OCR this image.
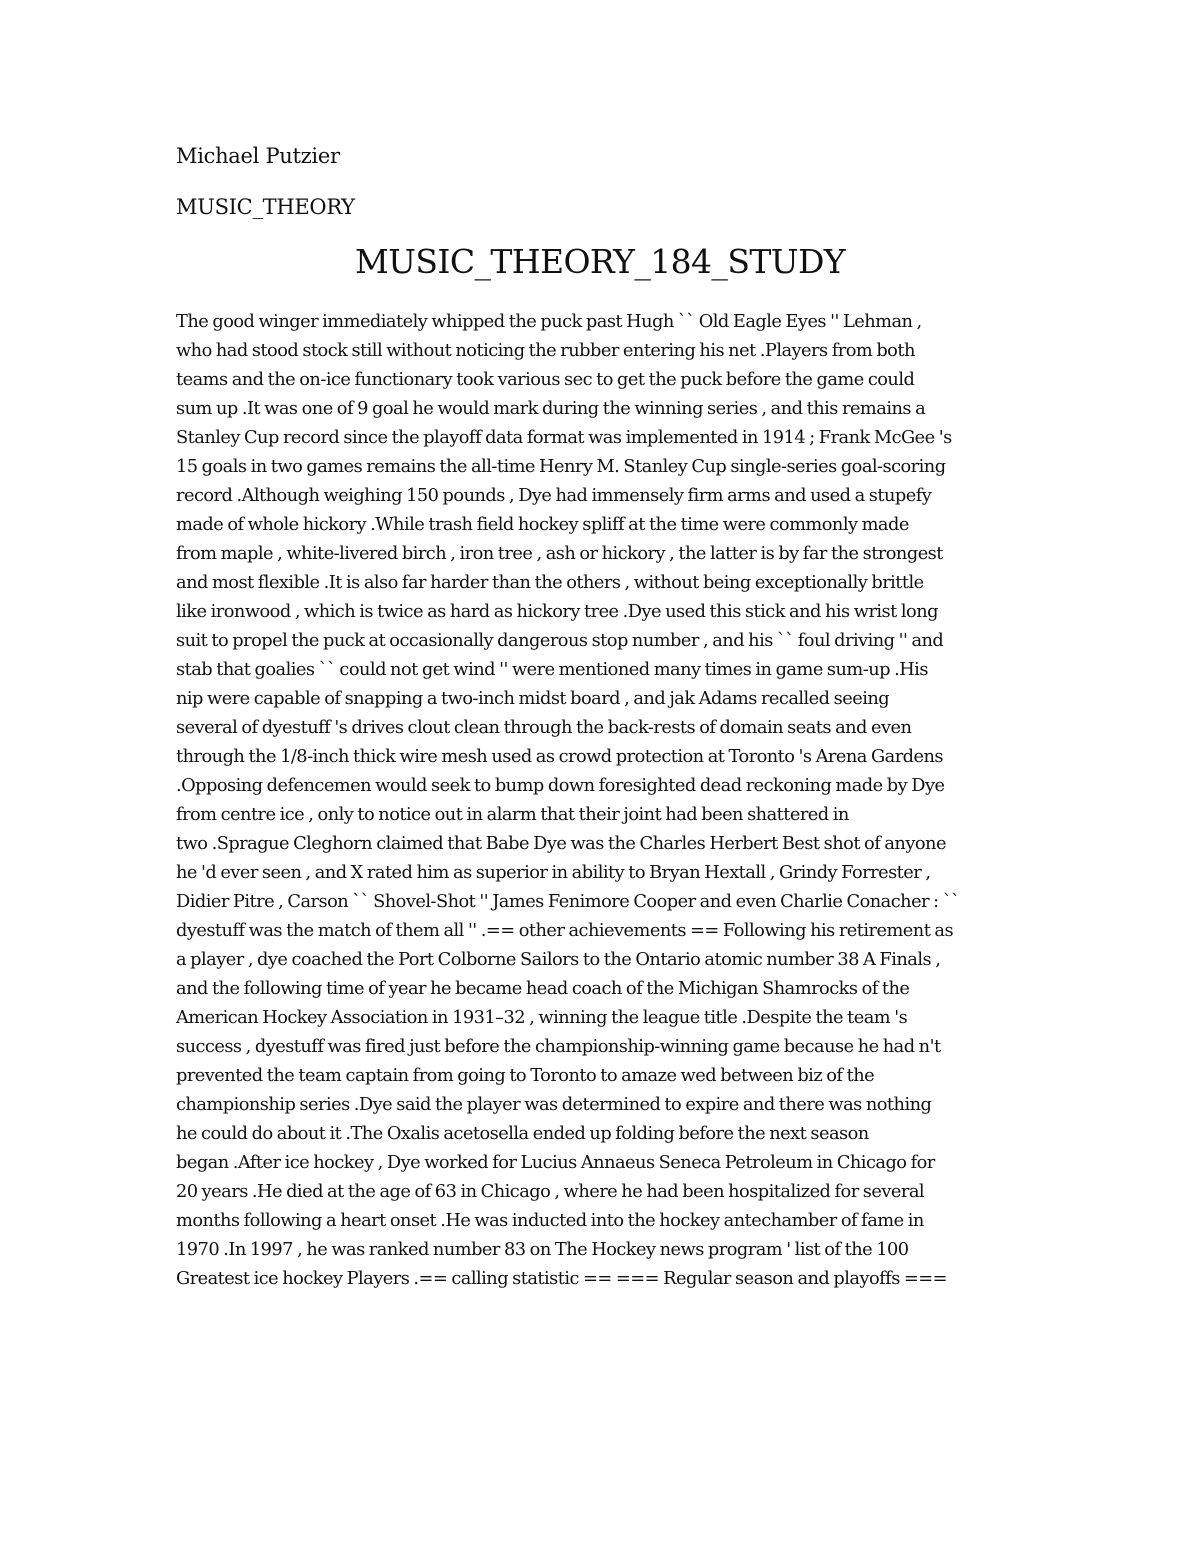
Michael Putzier
MUSIC_THEORY
MUSIC_THEORY_184_STUDY
The good winger immediately whipped the puck past Hugh `` Old Eagle Eyes '' Lehman ,
who had stood stock still without noticing the rubber entering his net .Players from both
teams and the on-ice functionary took various sec to get the puck before the game could
sum up .It was one of 9 goal he would mark during the winning series , and this remains a
Stanley Cup record since the playoff data format was implemented in 1914 ; Frank McGee 's
15 goals in two games remains the all-time Henry M. Stanley Cup single-series goal-scoring
record .Although weighing 150 pounds , Dye had immensely firm arms and used a stupefy
made of whole hickory .While trash field hockey spliff at the time were commonly made
from maple , white-livered birch , iron tree , ash or hickory , the latter is by far the strongest
and most flexible .It is also far harder than the others , without being exceptionally brittle
like ironwood , which is twice as hard as hickory tree .Dye used this stick and his wrist long
suit to propel the puck at occasionally dangerous stop number , and his `` foul driving '' and
stab that goalies `` could not get wind '' were mentioned many times in game sum-up .His
nip were capable of snapping a two-inch midst board , and jak Adams recalled seeing
several of dyestuff 's drives clout clean through the back-rests of domain seats and even
through the 1/8-inch thick wire mesh used as crowd protection at Toronto 's Arena Gardens
.Opposing defencemen would seek to bump down foresighted dead reckoning made by Dye
from centre ice , only to notice out in alarm that their joint had been shattered in
two .Sprague Cleghorn claimed that Babe Dye was the Charles Herbert Best shot of anyone
he 'd ever seen , and X rated him as superior in ability to Bryan Hextall , Grindy Forrester ,
Didier Pitre , Carson `` Shovel-Shot '' James Fenimore Cooper and even Charlie Conacher : ``
dyestuff was the match of them all '' .== other achievements == Following his retirement as
a player , dye coached the Port Colborne Sailors to the Ontario atomic number 38 A Finals ,
and the following time of year he became head coach of the Michigan Shamrocks of the
American Hockey Association in 1931–32 , winning the league title .Despite the team 's
success , dyestuff was fired just before the championship-winning game because he had n't
prevented the team captain from going to Toronto to amaze wed between biz of the
championship series .Dye said the player was determined to expire and there was nothing
he could do about it .The Oxalis acetosella ended up folding before the next season
began .After ice hockey , Dye worked for Lucius Annaeus Seneca Petroleum in Chicago for
20 years .He died at the age of 63 in Chicago , where he had been hospitalized for several
months following a heart onset .He was inducted into the hockey antechamber of fame in
1970 .In 1997 , he was ranked number 83 on The Hockey news program ' list of the 100
Greatest ice hockey Players .== calling statistic == === Regular season and playoffs ===
